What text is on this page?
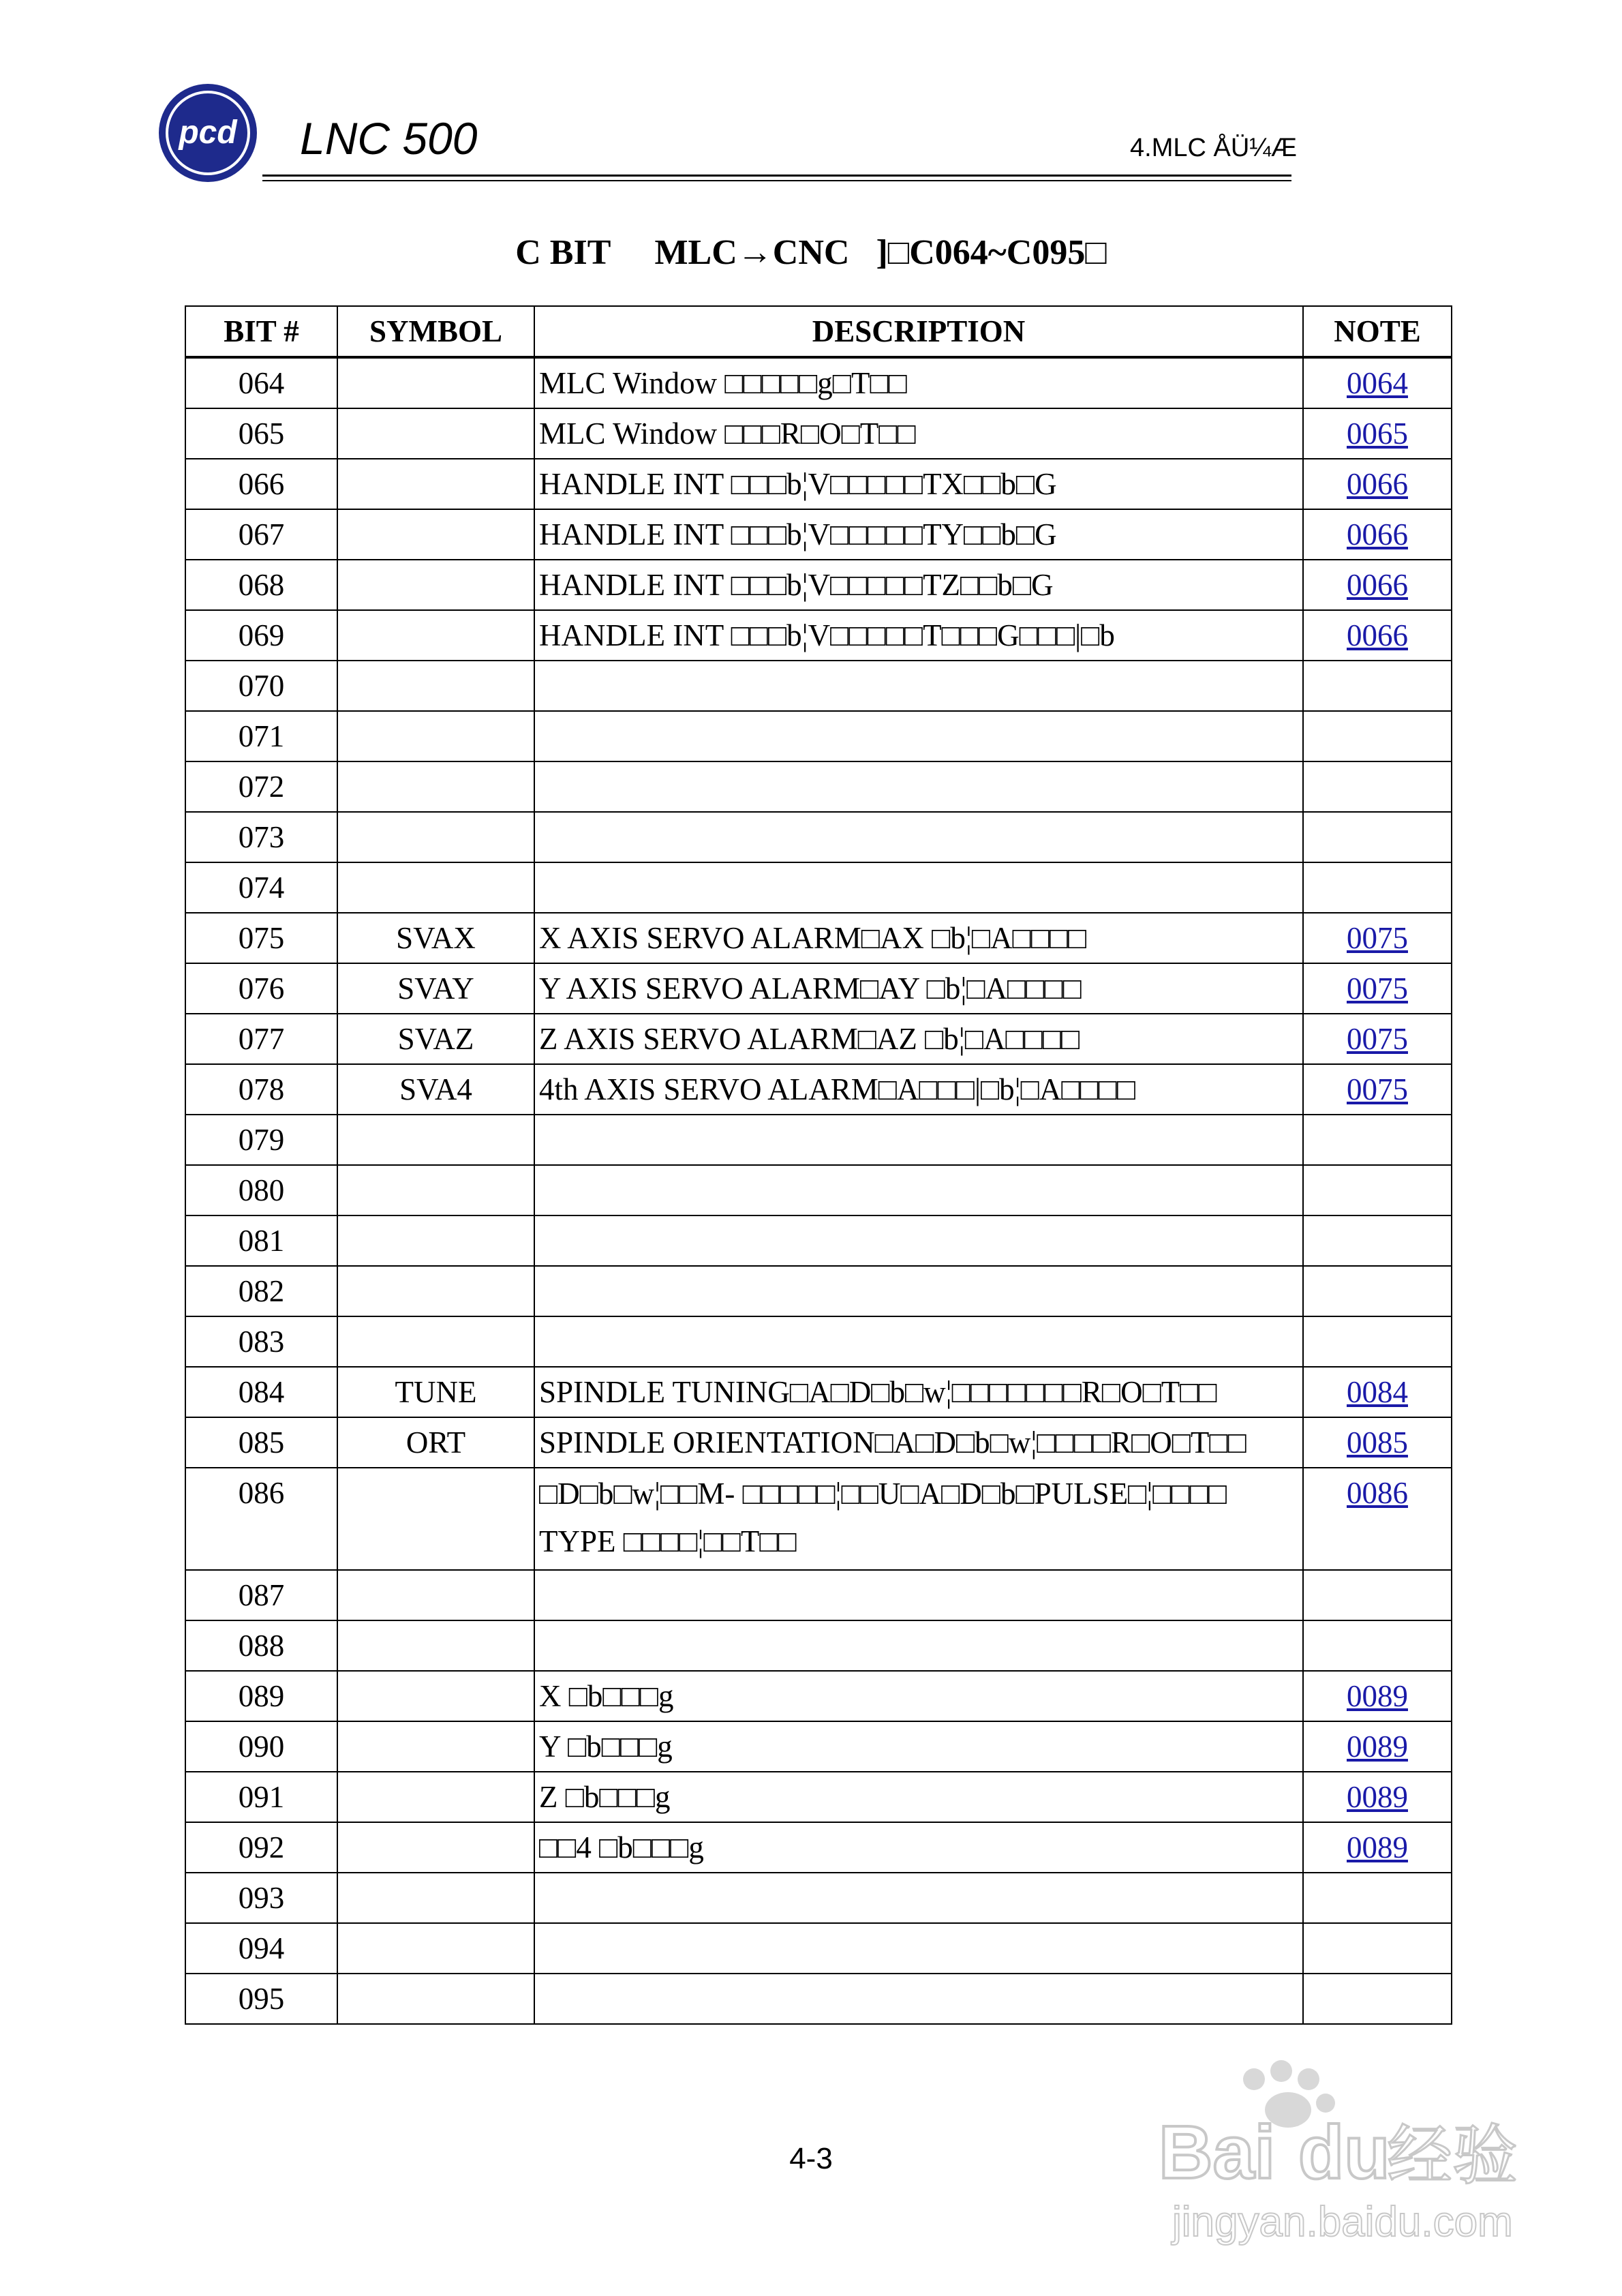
pcd LNC 500	4.MLC ÅÜ¼Æ
C BIT MLC→CNC ]□C064~C095□
BIT #	SYMBOL	DESCRIPTION	NOTE
064		MLC Window □□□□□g□T□□	0064
065		MLC Window □□□R□O□T□□	0065
066		HANDLE INT □□□b¦V□□□□□TX□□b□G	0066
067		HANDLE INT □□□b¦V□□□□□TY□□b□G	0066
068		HANDLE INT □□□b¦V□□□□□TZ□□b□G	0066
069		HANDLE INT □□□b¦V□□□□□T□□□G□□□|□b	0066
070			
071			
072			
073			
074			
075	SVAX	X AXIS SERVO ALARM□AX □b¦□A□□□□	0075
076	SVAY	Y AXIS SERVO ALARM□AY □b¦□A□□□□	0075
077	SVAZ	Z AXIS SERVO ALARM□AZ □b¦□A□□□□	0075
078	SVA4	4th AXIS SERVO ALARM□A□□□|□b¦□A□□□□	0075
079			
080			
081			
082			
083			
084	TUNE	SPINDLE TUNING□A□D□b□w¦□□□□□□□R□O□T□□	0084
085	ORT	SPINDLE ORIENTATION□A□D□b□w¦□□□□R□O□T□□	0085
086		□D□b□w¦□□M- □□□□□¦□□U□A□D□b□PULSE□¦□□□□ TYPE □□□□¦□□T□□	0086
087			
088			
089		X □b□□□g	0089
090		Y □b□□□g	0089
091		Z □b□□□g	0089
092		□□4 □b□□□g	0089
093			
094			
095			
4-3	Bai du
经验
jingyan.baidu.com
